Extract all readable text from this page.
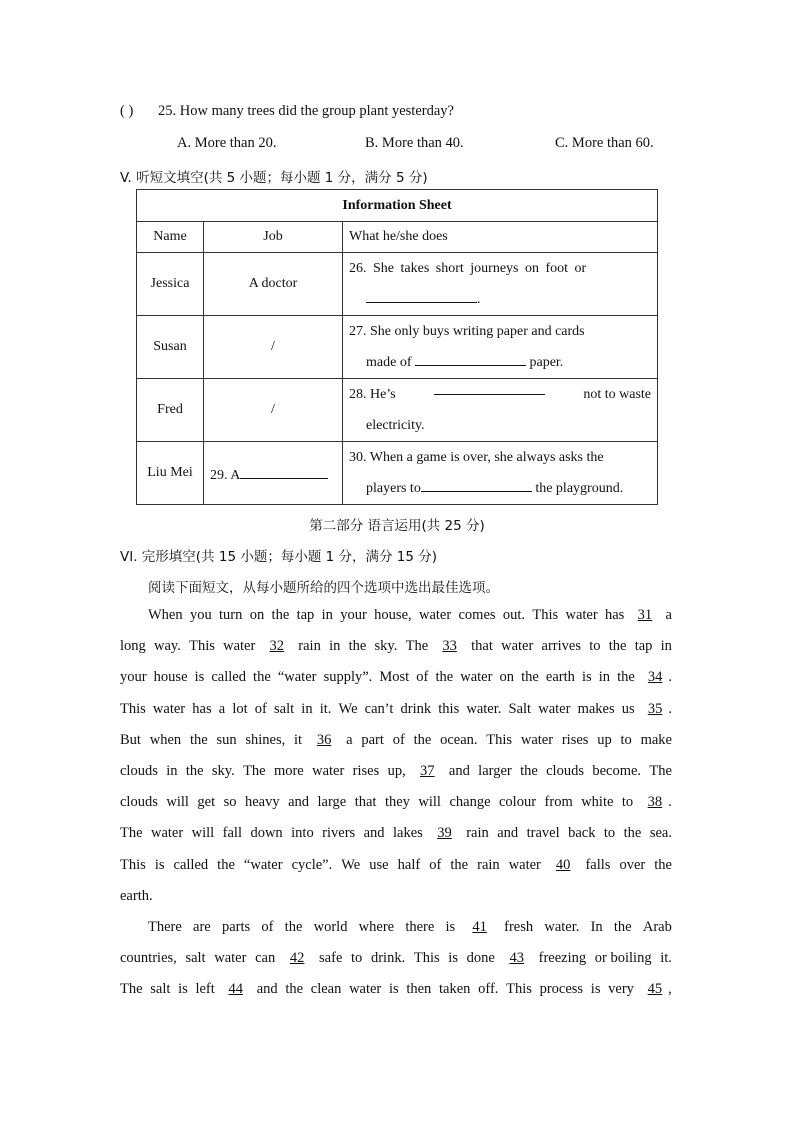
( ) 25. How many trees did the group plant yesterday?
A. More than 20.	B. More than 40.	C. More than 60.
V. 听短文填空(共 5 小题；每小题 1 分，满分 5 分)
Information Sheet		
Name	Job	What he/she does
Jessica	A doctor	26. She takes short journeys on foot or
.

Susan	/	27. She only buys writing paper and cards
made of paper.

Fred	/	28. He’s not to waste
electricity.

Liu Mei	29. A	30. When a game is over, she always asks the
players to the playground.
第二部分 语言运用(共 25 分)
VI. 完形填空(共 15 小题；每小题 1 分，满分 15 分)
阅读下面短文，从每小题所给的四个选项中选出最佳选项。
When you turn on the tap in your house, water comes out. This water has 31 a
long way. This water 32 rain in the sky. The 33 that water arrives to the tap in
your house is called the “water supply”. Most of the water on the earth is in the 34 .
This water has a lot of salt in it. We can’t drink this water. Salt water makes us 35 .
But when the sun shines, it	36	a part of the ocean. This water rises up to make
clouds in the sky. The more water rises up, 37 and larger the clouds become. The
clouds will get so heavy and large that they will change colour from white to 38 .
The water will fall down into rivers and lakes 39 rain and travel back to the sea.
This is called the “water cycle”. We use half of the rain water	40	falls over the
earth.
There are parts of the world where there is	41	fresh water. In the Arab
countries, salt water can	42	safe to drink. This is done	43	freezing or boiling it.
The salt is left 44 and the clean water is then taken off. This process is very 45 ,
